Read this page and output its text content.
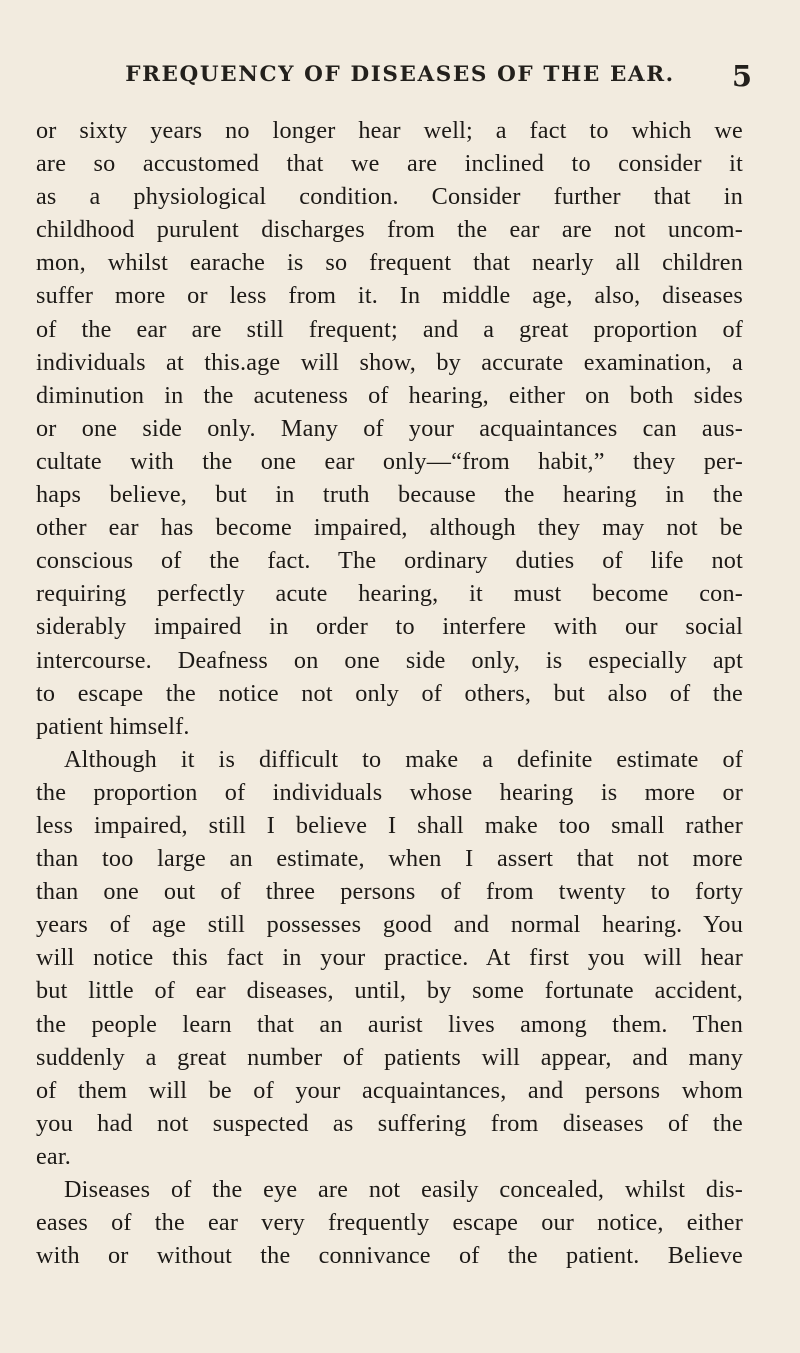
FREQUENCY OF DISEASES OF THE EAR.	5
or sixty years no longer hear well; a fact to which we
are so accustomed that we are inclined to consider it
as a physiological condition. Consider further that in
childhood purulent discharges from the ear are not uncom-
mon, whilst earache is so frequent that nearly all children
suffer more or less from it. In middle age, also, diseases
of the ear are still frequent; and a great proportion of
individuals at this.age will show, by accurate examination, a
diminution in the acuteness of hearing, either on both sides
or one side only. Many of your acquaintances can aus-
cultate with the one ear only—“from habit,” they per-
haps believe, but in truth because the hearing in the
other ear has become impaired, although they may not be
conscious of the fact. The ordinary duties of life not
requiring perfectly acute hearing, it must become con-
siderably impaired in order to interfere with our social
intercourse. Deafness on one side only, is especially apt
to escape the notice not only of others, but also of the
patient himself.
Although it is difficult to make a definite estimate of
the proportion of individuals whose hearing is more or
less impaired, still I believe I shall make too small rather
than too large an estimate, when I assert that not more
than one out of three persons of from twenty to forty
years of age still possesses good and normal hearing. You
will notice this fact in your practice. At first you will hear
but little of ear diseases, until, by some fortunate accident,
the people learn that an aurist lives among them. Then
suddenly a great number of patients will appear, and many
of them will be of your acquaintances, and persons whom
you had not suspected as suffering from diseases of the
ear.
Diseases of the eye are not easily concealed, whilst dis-
eases of the ear very frequently escape our notice, either
with or without the connivance of the patient. Believe
